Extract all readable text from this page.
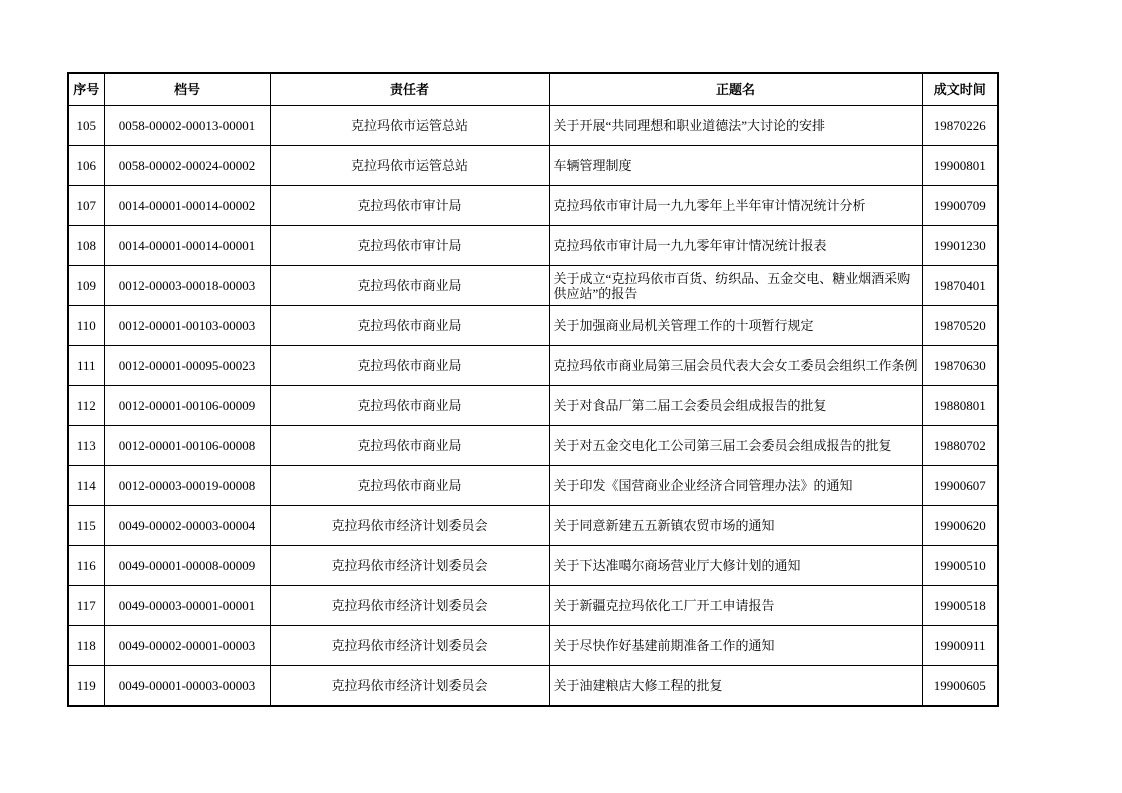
序号	档号	责任者	正题名	成文时间
105	0058-00002-00013-00001	克拉玛依市运管总站	关于开展“共同理想和职业道德法”大讨论的安排	19870226
106	0058-00002-00024-00002	克拉玛依市运管总站	车辆管理制度	19900801
107	0014-00001-00014-00002	克拉玛依市审计局	克拉玛依市审计局一九九零年上半年审计情况统计分析	19900709
108	0014-00001-00014-00001	克拉玛依市审计局	克拉玛依市审计局一九九零年审计情况统计报表	19901230
109	0012-00003-00018-00003	克拉玛依市商业局	关于成立“克拉玛依市百货、纺织品、五金交电、糖业烟酒采购供应站”的报告	19870401
110	0012-00001-00103-00003	克拉玛依市商业局	关于加强商业局机关管理工作的十项暂行规定	19870520
111	0012-00001-00095-00023	克拉玛依市商业局	克拉玛依市商业局第三届会员代表大会女工委员会组织工作条例	19870630
112	0012-00001-00106-00009	克拉玛依市商业局	关于对食品厂第二届工会委员会组成报告的批复	19880801
113	0012-00001-00106-00008	克拉玛依市商业局	关于对五金交电化工公司第三届工会委员会组成报告的批复	19880702
114	0012-00003-00019-00008	克拉玛依市商业局	关于印发《国营商业企业经济合同管理办法》的通知	19900607
115	0049-00002-00003-00004	克拉玛依市经济计划委员会	关于同意新建五五新镇农贸市场的通知	19900620
116	0049-00001-00008-00009	克拉玛依市经济计划委员会	关于下达准噶尔商场营业厅大修计划的通知	19900510
117	0049-00003-00001-00001	克拉玛依市经济计划委员会	关于新疆克拉玛依化工厂开工申请报告	19900518
118	0049-00002-00001-00003	克拉玛依市经济计划委员会	关于尽快作好基建前期准备工作的通知	19900911
119	0049-00001-00003-00003	克拉玛依市经济计划委员会	关于油建粮店大修工程的批复	19900605
